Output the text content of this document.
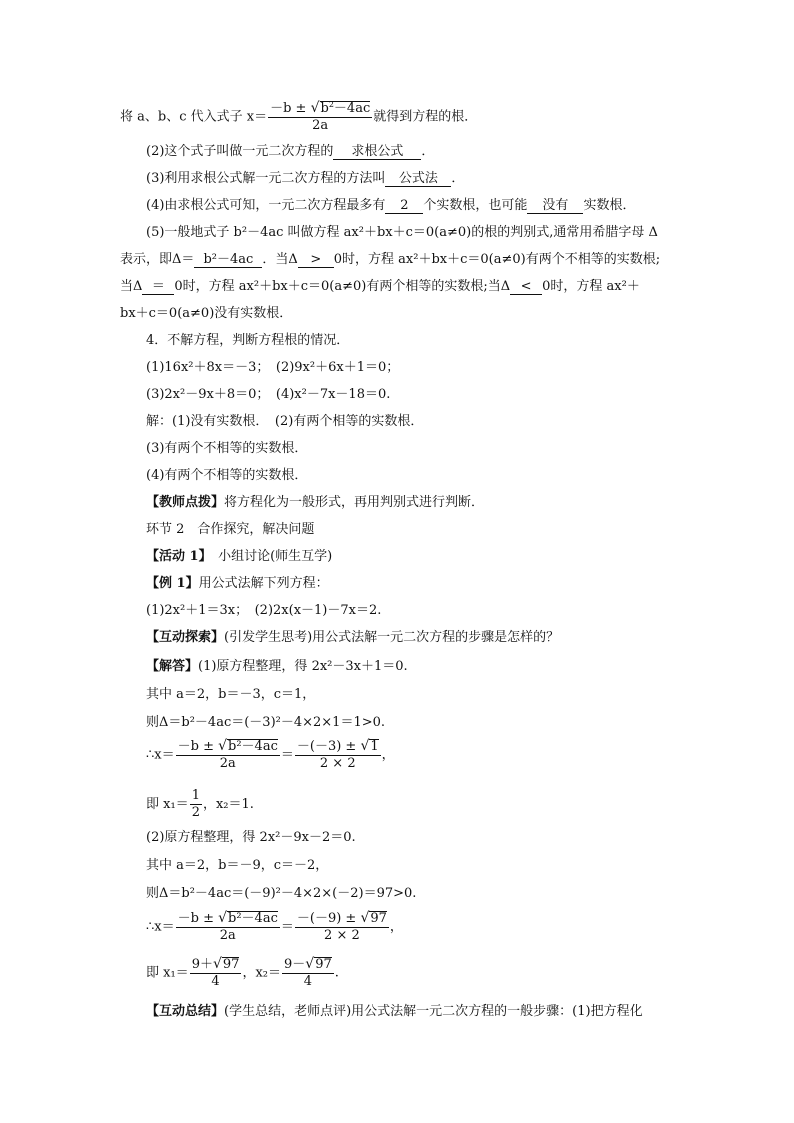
将 a、b、c 代入式子 $x= \frac{-b \pm √b^2-4ac}{2a}$ 就得到方程的根．
(2)这个式子叫做一元二次方程的 求根公式 ．
(3)利用求根公式解一元二次方程的方法叫 公式法 ．
(4)由求根公式可知，一元二次方程最多有 2 个实数根，也可能 没有 实数根．
(5)一般地式子 b²－4ac 叫做方程 ax²＋bx＋c＝0(a≠0)的根的判别式,通常用希腊字母 Δ
表示，即Δ＝ b²－4ac ．当Δ > 0时，方程 ax²＋bx＋c＝0(a≠0)有两个不相等的实数根;
当Δ ＝ 0时，方程 ax²＋bx＋c＝0(a≠0)有两个相等的实数根;当Δ < 0时，方程 ax²＋
bx＋c＝0(a≠0)没有实数根．
4．不解方程，判断方程根的情况．
(1)16x²＋8x＝－3；　(2)9x²＋6x＋1＝0；
(3)2x²－9x＋8＝0；　(4)x²－7x－18＝0.
解：(1)没有实数根．　(2)有两个相等的实数根．
(3)有两个不相等的实数根．
(4)有两个不相等的实数根．
【教师点拨】将方程化为一般形式，再用判别式进行判断．
环节 2　合作探究，解决问题
【活动 1】　小组讨论(师生互学)
【例 1】用公式法解下列方程：
(1)2x²＋1＝3x；　(2)2x(x－1)－7x＝2.
【互动探索】(引发学生思考)用公式法解一元二次方程的步骤是怎样的？
【解答】(1)原方程整理，得 2x²－3x＋1＝0.
其中 a＝2，b＝－3，c＝1，
则Δ＝b²－4ac＝(－3)²－4×2×1＝1>0.
∴x＝ $\frac{\text{－b ± √b²－4ac}}{2a} = \frac{-(-3) \pm √1}{2 \times 2}$ ，
即 $x_1= \frac{1}{2}$ ，x₂＝1.
(2)原方程整理，得 2x²－9x－2＝0.
其中 a＝2，b＝－9，c＝－2，
则Δ＝b²－4ac＝(－9)²－4×2×(－2)＝97>0.
∴x＝ $\frac{\text{－b ± √b²－4ac}}{2a} = \frac{-(-9) \pm √97}{2 \times 2}$ ，
即 $x_1= \frac{9+√97}{4}$ ，$x_2= \frac{9-√97}{4}$ .
【互动总结】(学生总结，老师点评)用公式法解一元二次方程的一般步骤：(1)把方程化
